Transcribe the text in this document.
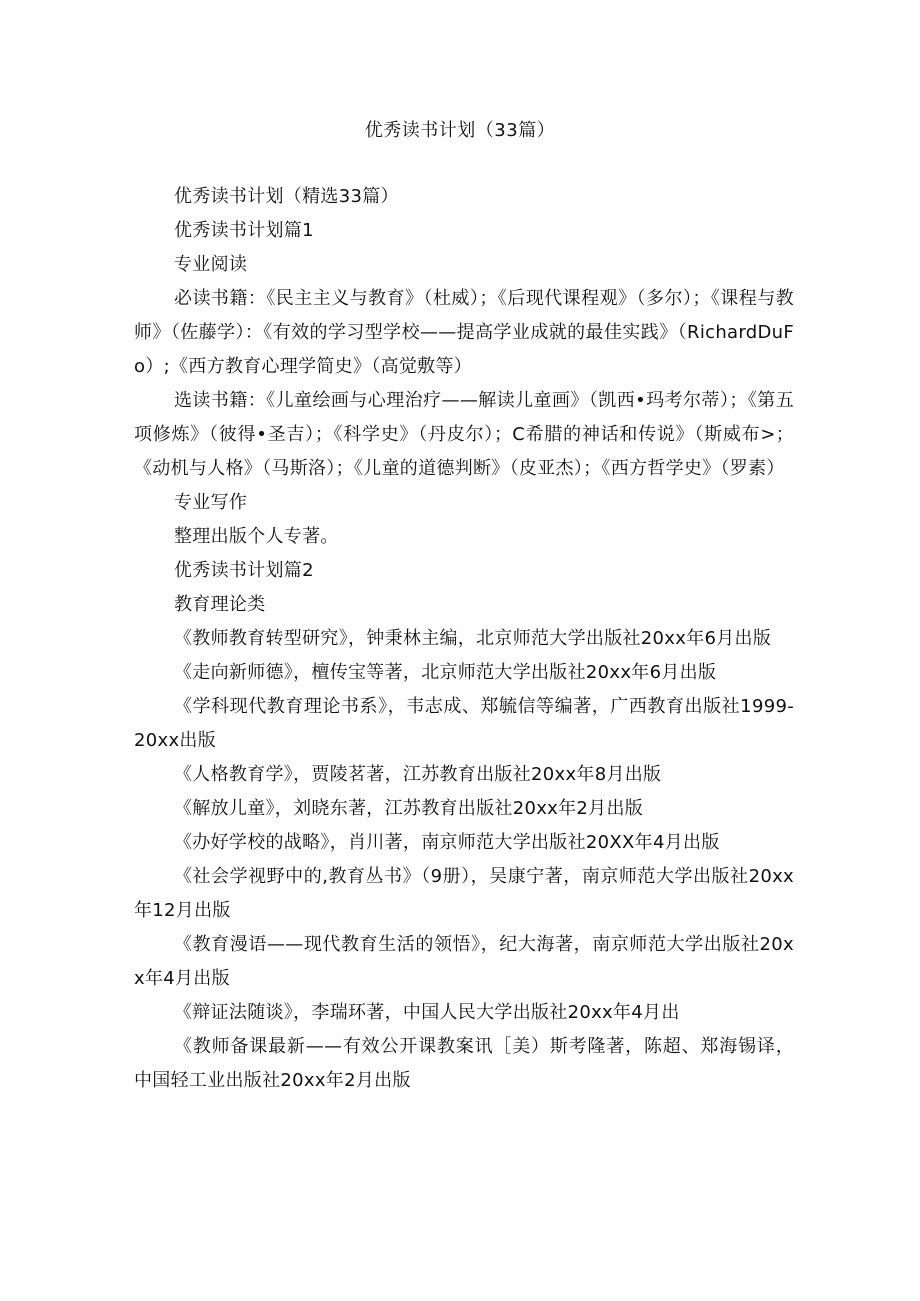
优秀读书计划（33篇）

优秀读书计划（精选33篇）

优秀读书计划篇1

专业阅读

必读书籍：《民主主义与教育》（杜威）；《后现代课程观》（多尔）；《课程与教师》（佐藤学）：《有效的学习型学校——提高学业成就的最佳实践》（RichardDuFo）;《西方教育心理学简史》（高觉敷等）

选读书籍：《儿童绘画与心理治疗——解读儿童画》（凯西•玛考尔蒂）；《第五项修炼》（彼得•圣吉）；《科学史》（丹皮尔）；C希腊的神话和传说》（斯威布>；《动机与人格》（马斯洛）；《儿童的道德判断》（皮亚杰）；《西方哲学史》（罗素）

专业写作

整理出版个人专著。

优秀读书计划篇2

教育理论类

《教师教育转型研究》，钟秉林主编，北京师范大学出版社20xx年6月出版

《走向新师德》，檀传宝等著，北京师范大学出版社20xx年6月出版

《学科现代教育理论书系》，韦志成、郑毓信等编著，广西教育出版社1999-20xx出版

《人格教育学》，贾陵茗著，江苏教育出版社20xx年8月出版

《解放儿童》，刘晓东著，江苏教育出版社20xx年2月出版

《办好学校的战略》，肖川著，南京师范大学出版社20XX年4月出版

《社会学视野中的,教育丛书》（9册），吴康宁著，南京师范大学出版社20xx年12月出版

《教育漫语——现代教育生活的领悟》，纪大海著，南京师范大学出版社20xx年4月出版

《辩证法随谈》，李瑞环著，中国人民大学出版社20xx年4月出

《教师备课最新——有效公开课教案讯［美）斯考隆著，陈超、郑海锡译，中国轻工业出版社20xx年2月出版
